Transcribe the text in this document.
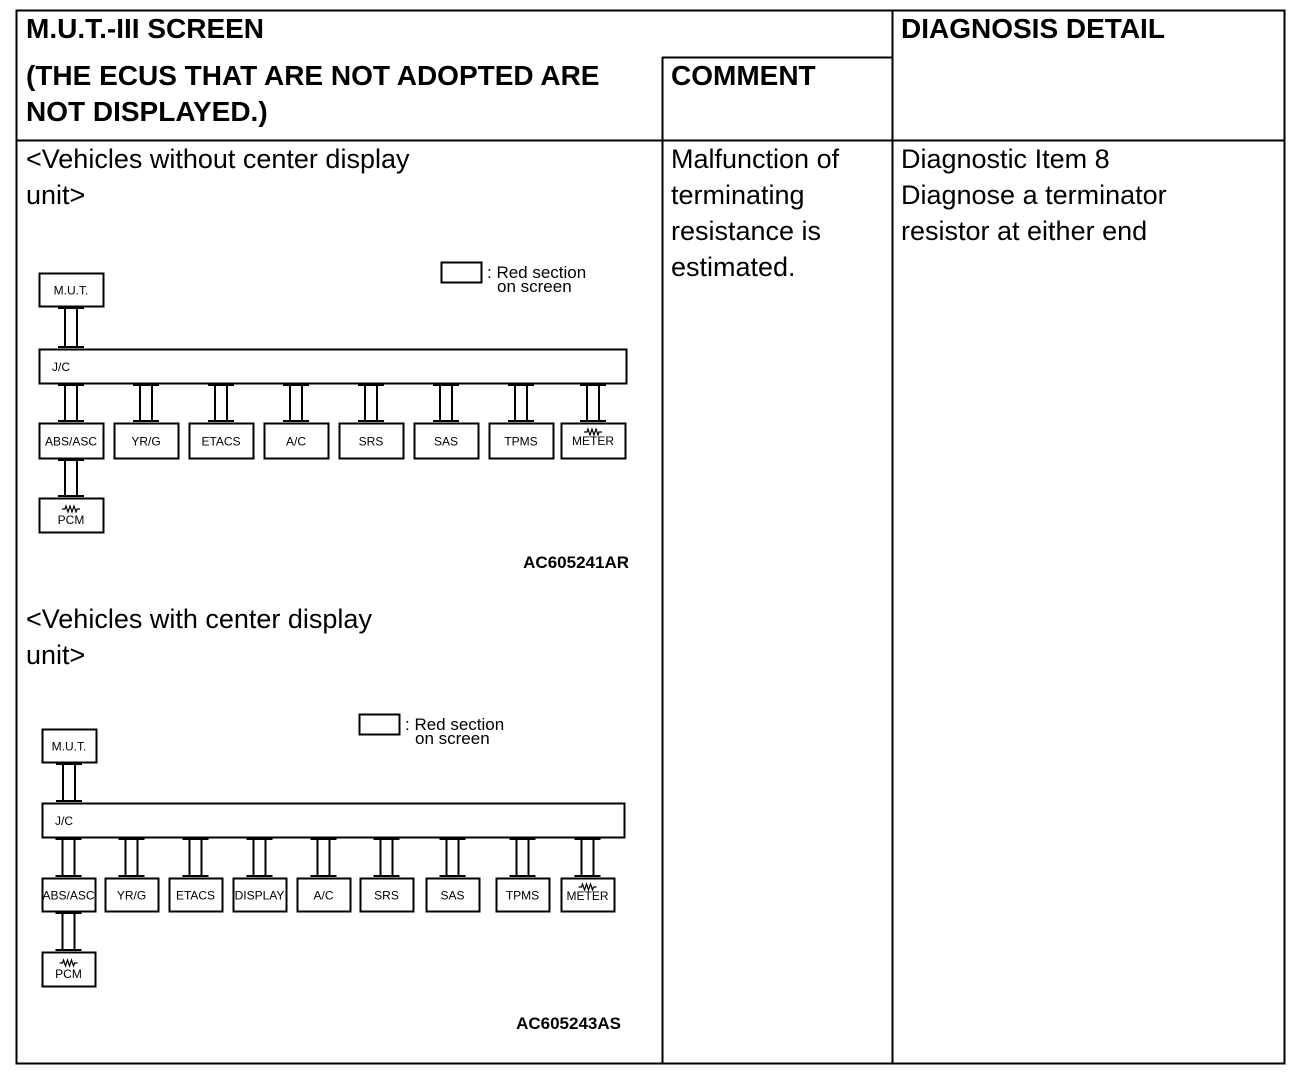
M.U.T.-III SCREEN
(THE ECUS THAT ARE NOT ADOPTED ARE
NOT DISPLAYED.)
COMMENT
DIAGNOSIS DETAIL
<Vehicles without center display
unit>
<Vehicles with center display
unit>
Malfunction of
terminating
resistance is
estimated.
Diagnostic Item 8
Diagnose a terminator
resistor at either end
: Red section
on screen
M.U.T.
J/C
ABS/ASC	YR/G	ETACS	A/C	SRS	SAS	TPMS	METER
PCM
AC605241AR
: Red section
on screen
M.U.T.
J/C
ABS/ASC YR/G ETACS DISPLAY A/C	SRS	SAS	TPMS METER
PCM
AC605243AS
